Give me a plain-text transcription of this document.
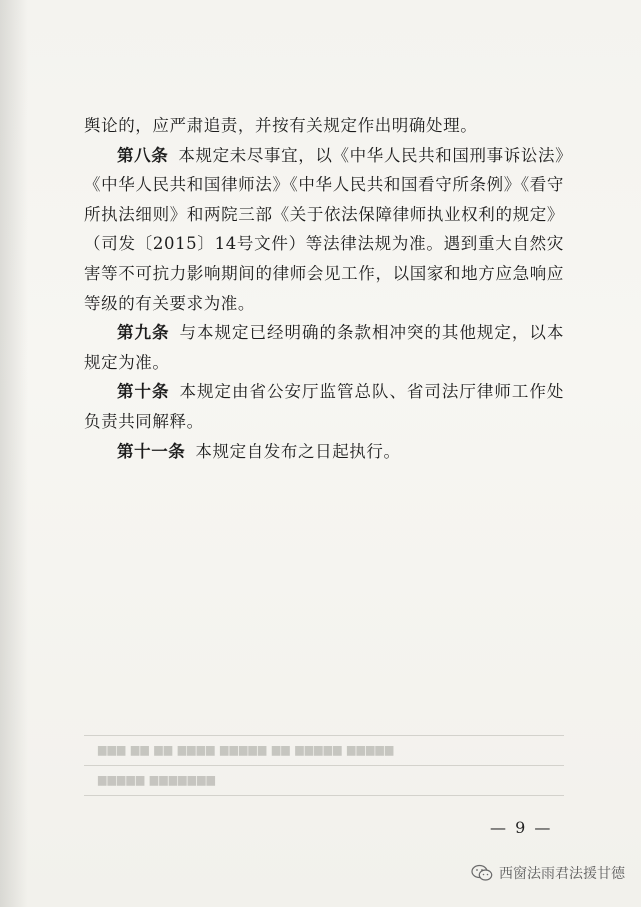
舆论的，应严肃追责，并按有关规定作出明确处理。

第八条 本规定未尽事宜，以《中华人民共和国刑事诉讼法》《中华人民共和国律师法》《中华人民共和国看守所条例》《看守所执法细则》和两院三部《关于依法保障律师执业权利的规定》（司发〔2015〕14号文件）等法律法规为准。遇到重大自然灾害等不可抗力影响期间的律师会见工作，以国家和地方应急响应等级的有关要求为准。

第九条 与本规定已经明确的条款相冲突的其他规定，以本规定为准。

第十条 本规定由省公安厅监管总队、省司法厅律师工作处负责共同解释。

第十一条 本规定自发布之日起执行。

▆▆▆ ▆▆ ▆▆ ▆▆▆▆ ▆▆▆▆▆ ▆▆ ▆▆▆▆▆ ▆▆▆▆▆
▆▆▆▆▆ ▆▆▆▆▆▆▆
— 9 —
西窗法雨君法援甘德
